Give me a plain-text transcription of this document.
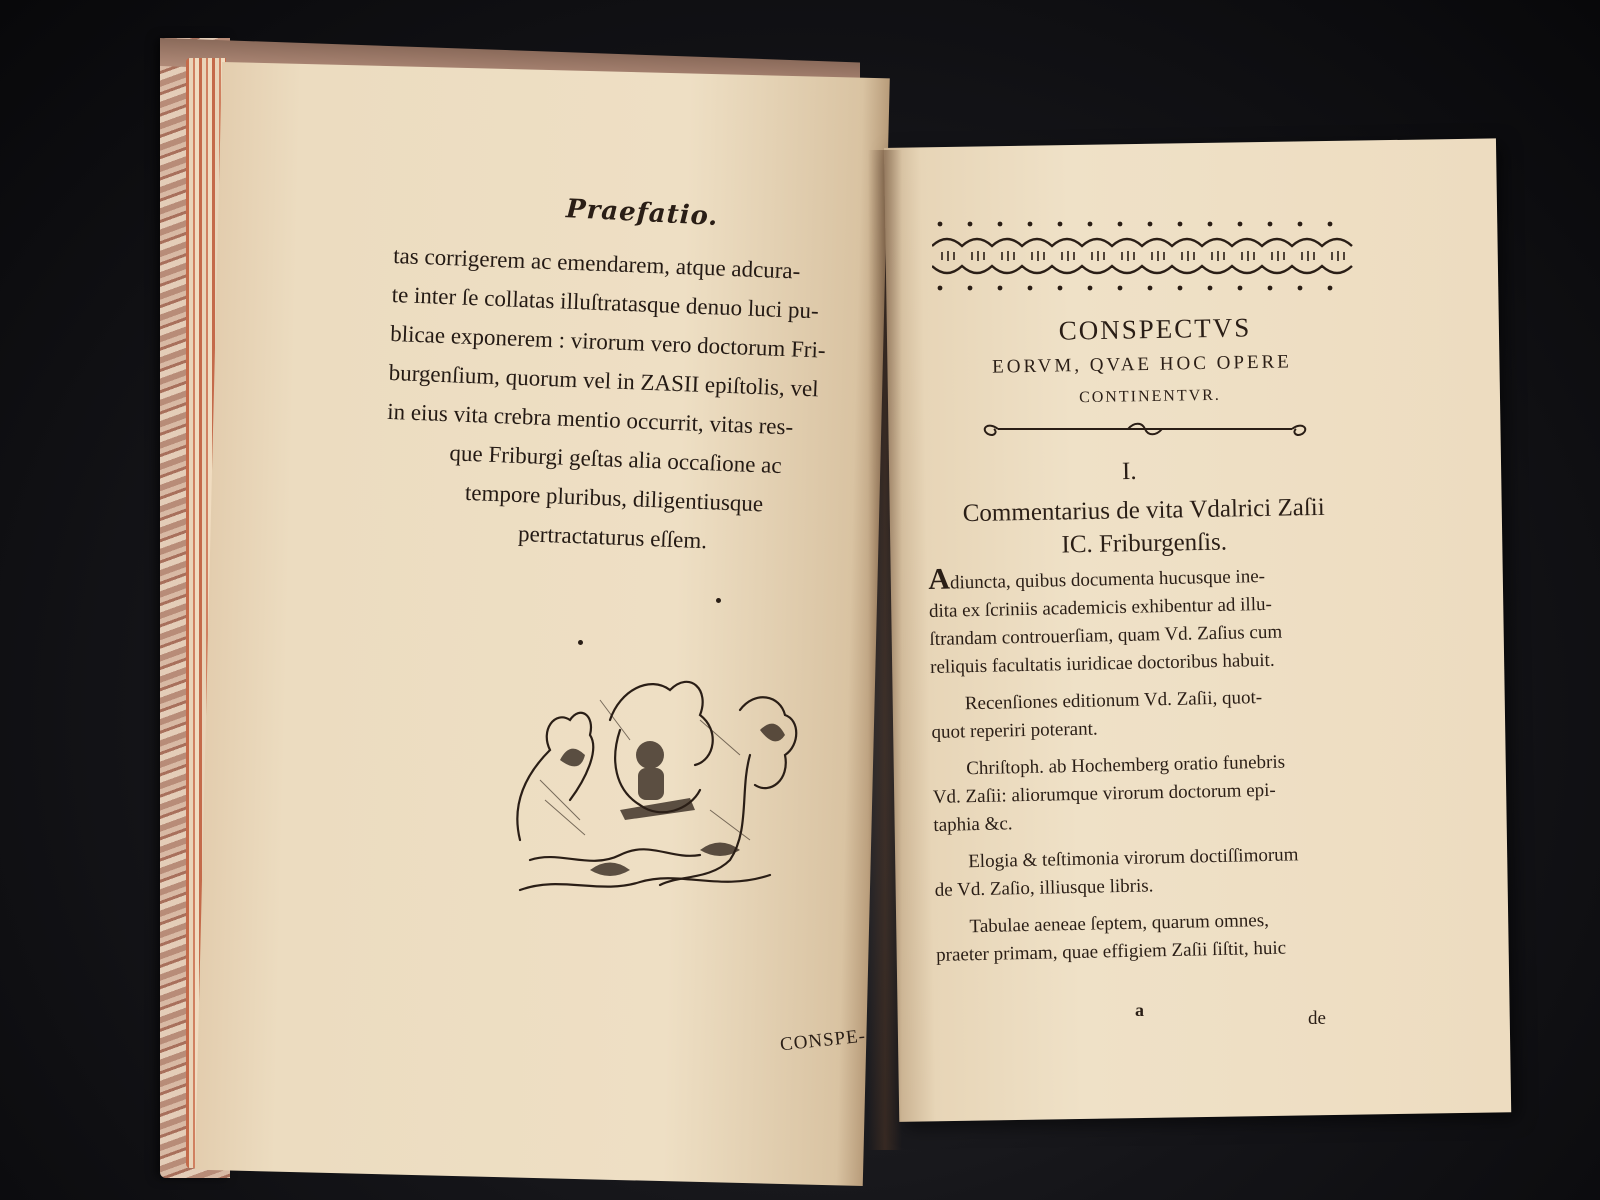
Praefatio.
tas corrigerem ac emendarem, atque adcura-
te inter ſe collatas illuſtratasque denuo luci pu-
blicae exponerem : virorum vero doctorum Fri-
burgenſium, quorum vel in ZASII epiſtolis, vel
in eius vita crebra mentio occurrit, vitas res-
que Friburgi geſtas alia occaſione ac
tempore pluribus, diligentiusque
pertractaturus eſſem.
CONSPE-
CONSPECTVS
EORVM, QVAE HOC OPERE
CONTINENTVR.
I.
Commentarius de vita Vdalrici Zaſii
IC. Friburgenſis.
Adiuncta, quibus documenta hucusque ine-
dita ex ſcriniis academicis exhibentur ad illu-
ſtrandam controuerſiam, quam Vd. Zaſius cum
reliquis facultatis iuridicae doctoribus habuit.
Recenſiones editionum Vd. Zaſii, quot-
quot reperiri poterant.
Chriſtoph. ab Hochemberg oratio funebris
Vd. Zaſii: aliorumque virorum doctorum epi-
taphia &c.
Elogia & teſtimonia virorum doctiſſimorum
de Vd. Zaſio, illiusque libris.
Tabulae aeneae ſeptem, quarum omnes,
praeter primam, quae effigiem Zaſii ſiſtit, huic
a	de
